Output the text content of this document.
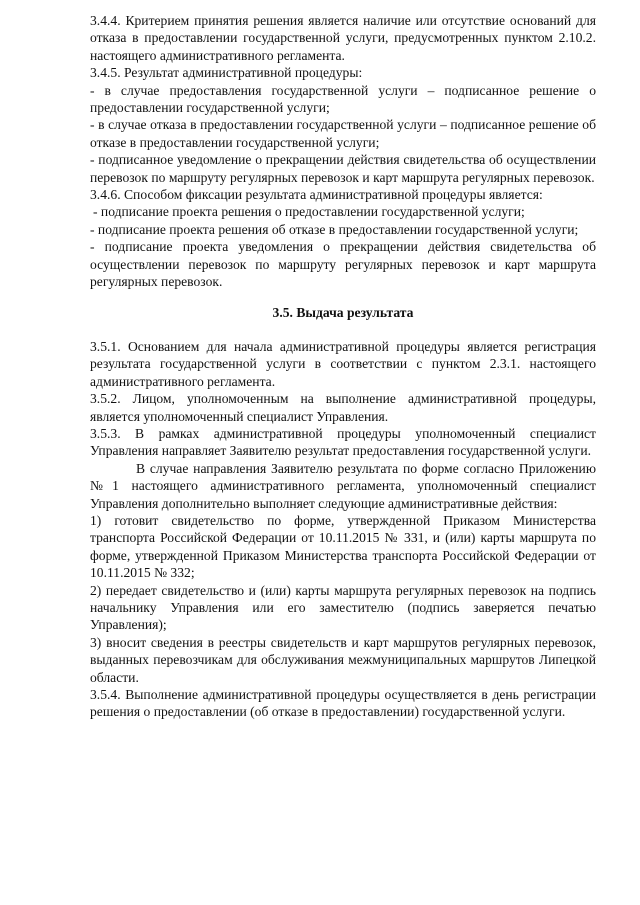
3.4.4. Критерием принятия решения является наличие или отсутствие оснований для отказа в предоставлении государственной услуги, предусмотренных пунктом 2.10.2. настоящего административного регламента.

3.4.5. Результат административной процедуры:

- в случае предоставления государственной услуги – подписанное решение о предоставлении государственной услуги;

- в случае отказа в предоставлении государственной услуги – подписанное решение об отказе в предоставлении государственной услуги;

- подписанное уведомление о прекращении действия свидетельства об осуществлении перевозок по маршруту регулярных перевозок и карт маршрута регулярных перевозок.

3.4.6. Способом фиксации результата административной процедуры является:

- подписание проекта решения о предоставлении государственной услуги;

- подписание проекта решения об отказе в предоставлении государственной услуги;

- подписание проекта уведомления о прекращении действия свидетельства об осуществлении перевозок по маршруту регулярных перевозок и карт маршрута регулярных перевозок.

3.5. Выдача результата

3.5.1. Основанием для начала административной процедуры является регистрация результата государственной услуги в соответствии с пунктом 2.3.1. настоящего административного регламента.

3.5.2. Лицом, уполномоченным на выполнение административной процедуры, является уполномоченный специалист Управления.

3.5.3. В рамках административной процедуры уполномоченный специалист Управления направляет Заявителю результат предоставления государственной услуги.

В случае направления Заявителю результата по форме согласно Приложению №1 настоящего административного регламента, уполномоченный специалист Управления дополнительно выполняет следующие административные действия:

1) готовит свидетельство по форме, утвержденной Приказом Министерства транспорта Российской Федерации от 10.11.2015 № 331, и (или) карты маршрута по форме, утвержденной Приказом Министерства транспорта Российской Федерации от 10.11.2015 № 332;

2) передает свидетельство и (или) карты маршрута регулярных перевозок на подпись начальнику Управления или его заместителю (подпись заверяется печатью Управления);

3) вносит сведения в реестры свидетельств и карт маршрутов регулярных перевозок, выданных перевозчикам для обслуживания межмуниципальных маршрутов Липецкой области.

3.5.4. Выполнение административной процедуры осуществляется в день регистрации решения о предоставлении (об отказе в предоставлении) государственной услуги.
